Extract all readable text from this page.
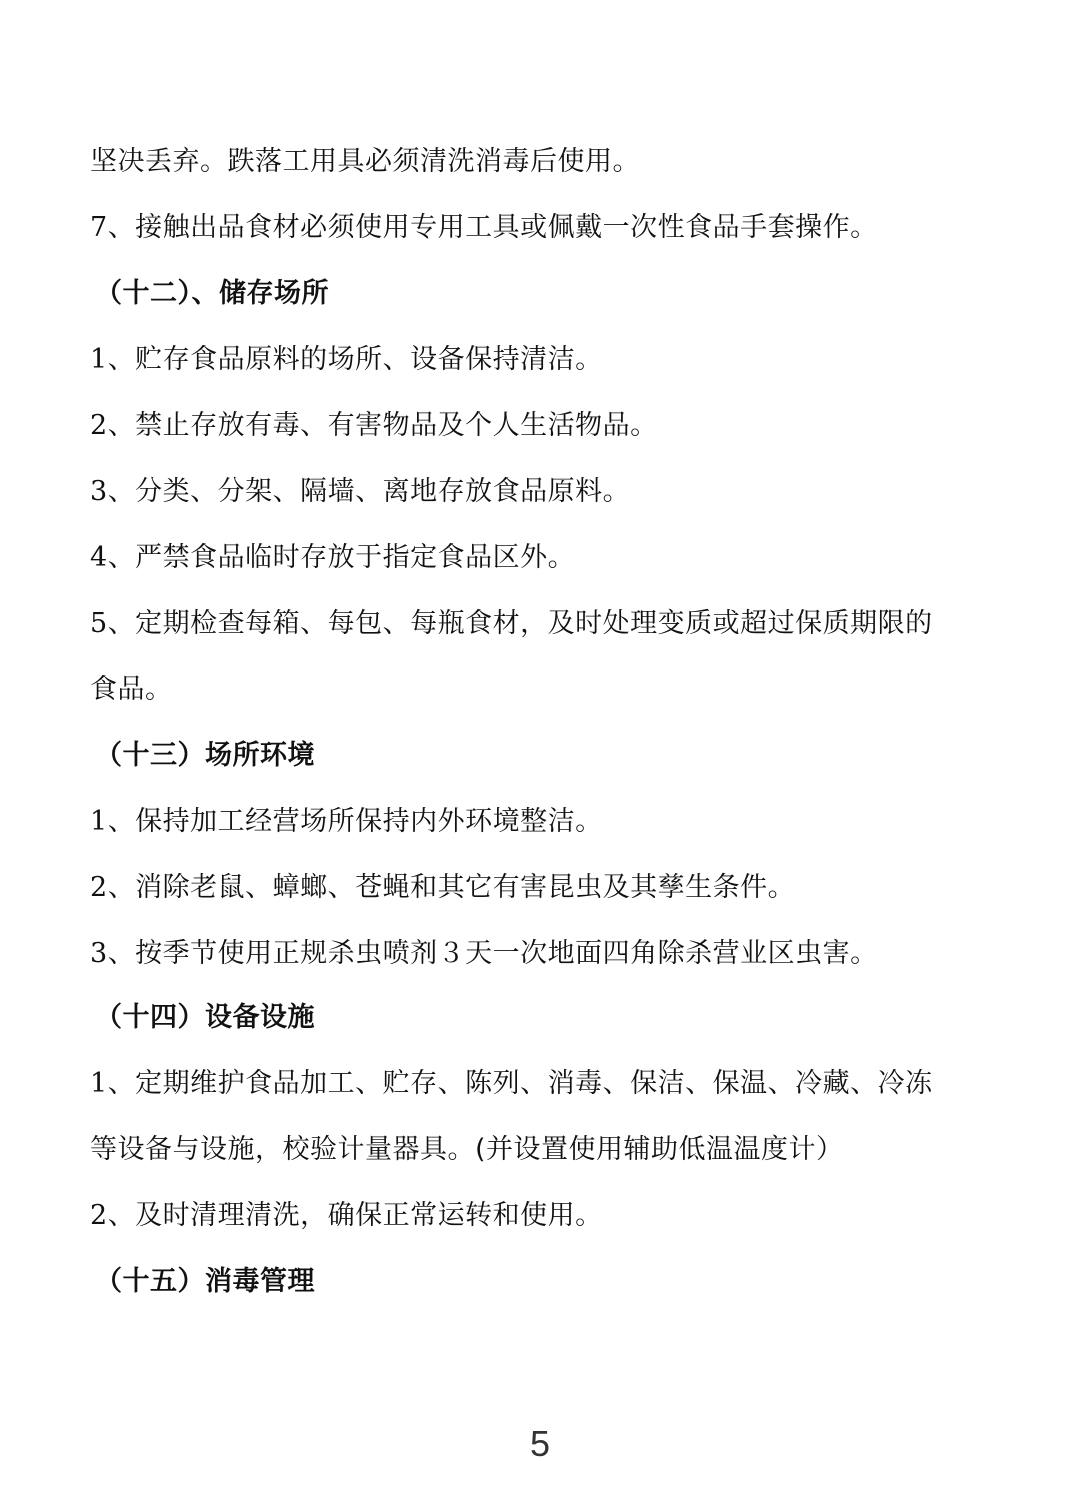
坚决丢弃。跌落工用具必须清洗消毒后使用。
7、接触出品食材必须使用专用工具或佩戴一次性食品手套操作。
（十二）、储存场所
1、贮存食品原料的场所、设备保持清洁。
2、禁止存放有毒、有害物品及个人生活物品。
3、分类、分架、隔墙、离地存放食品原料。
4、严禁食品临时存放于指定食品区外。
5、定期检查每箱、每包、每瓶食材，及时处理变质或超过保质期限的
食品。
（十三）场所环境
1、保持加工经营场所保持内外环境整洁。
2、消除老鼠、蟑螂、苍蝇和其它有害昆虫及其孳生条件。
3、按季节使用正规杀虫喷剂３天一次地面四角除杀营业区虫害。
（十四）设备设施
1、定期维护食品加工、贮存、陈列、消毒、保洁、保温、冷藏、冷冻
等设备与设施，校验计量器具。(并设置使用辅助低温温度计）
2、及时清理清洗，确保正常运转和使用。
（十五）消毒管理
5
